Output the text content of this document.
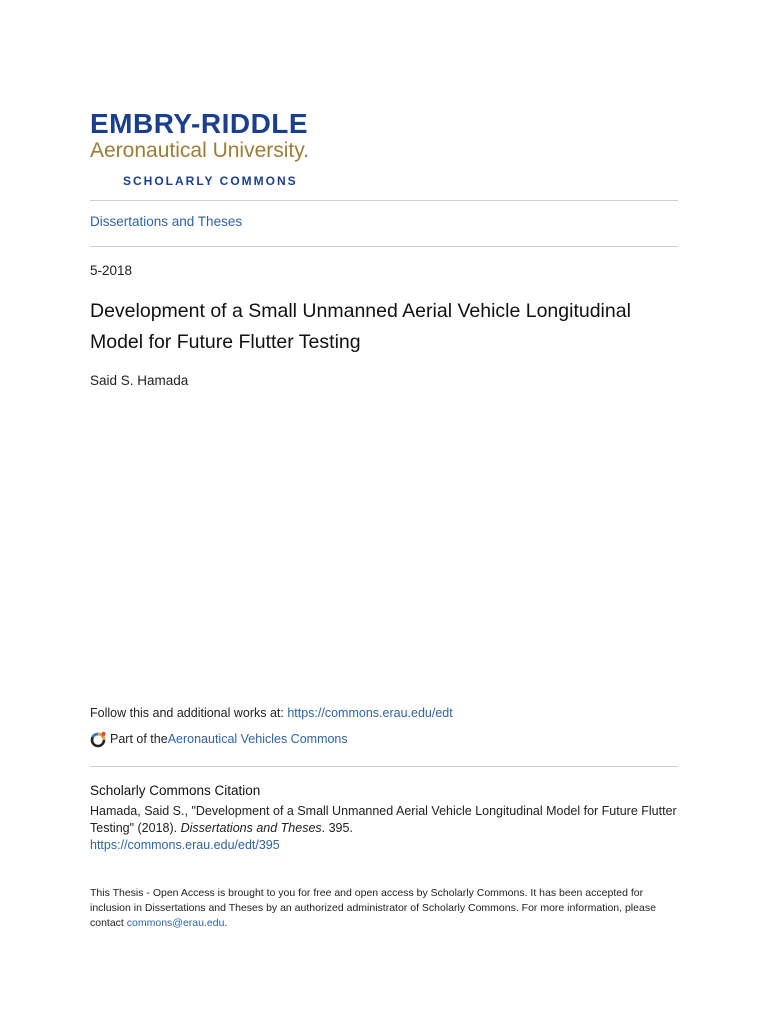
EMBRY-RIDDLE
Aeronautical University.
SCHOLARLY COMMONS
Dissertations and Theses
5-2018
Development of a Small Unmanned Aerial Vehicle Longitudinal Model for Future Flutter Testing
Said S. Hamada
Follow this and additional works at: https://commons.erau.edu/edt
Part of the Aeronautical Vehicles Commons
Scholarly Commons Citation
Hamada, Said S., "Development of a Small Unmanned Aerial Vehicle Longitudinal Model for Future Flutter Testing" (2018). Dissertations and Theses. 395.
https://commons.erau.edu/edt/395
This Thesis - Open Access is brought to you for free and open access by Scholarly Commons. It has been accepted for inclusion in Dissertations and Theses by an authorized administrator of Scholarly Commons. For more information, please contact commons@erau.edu.
